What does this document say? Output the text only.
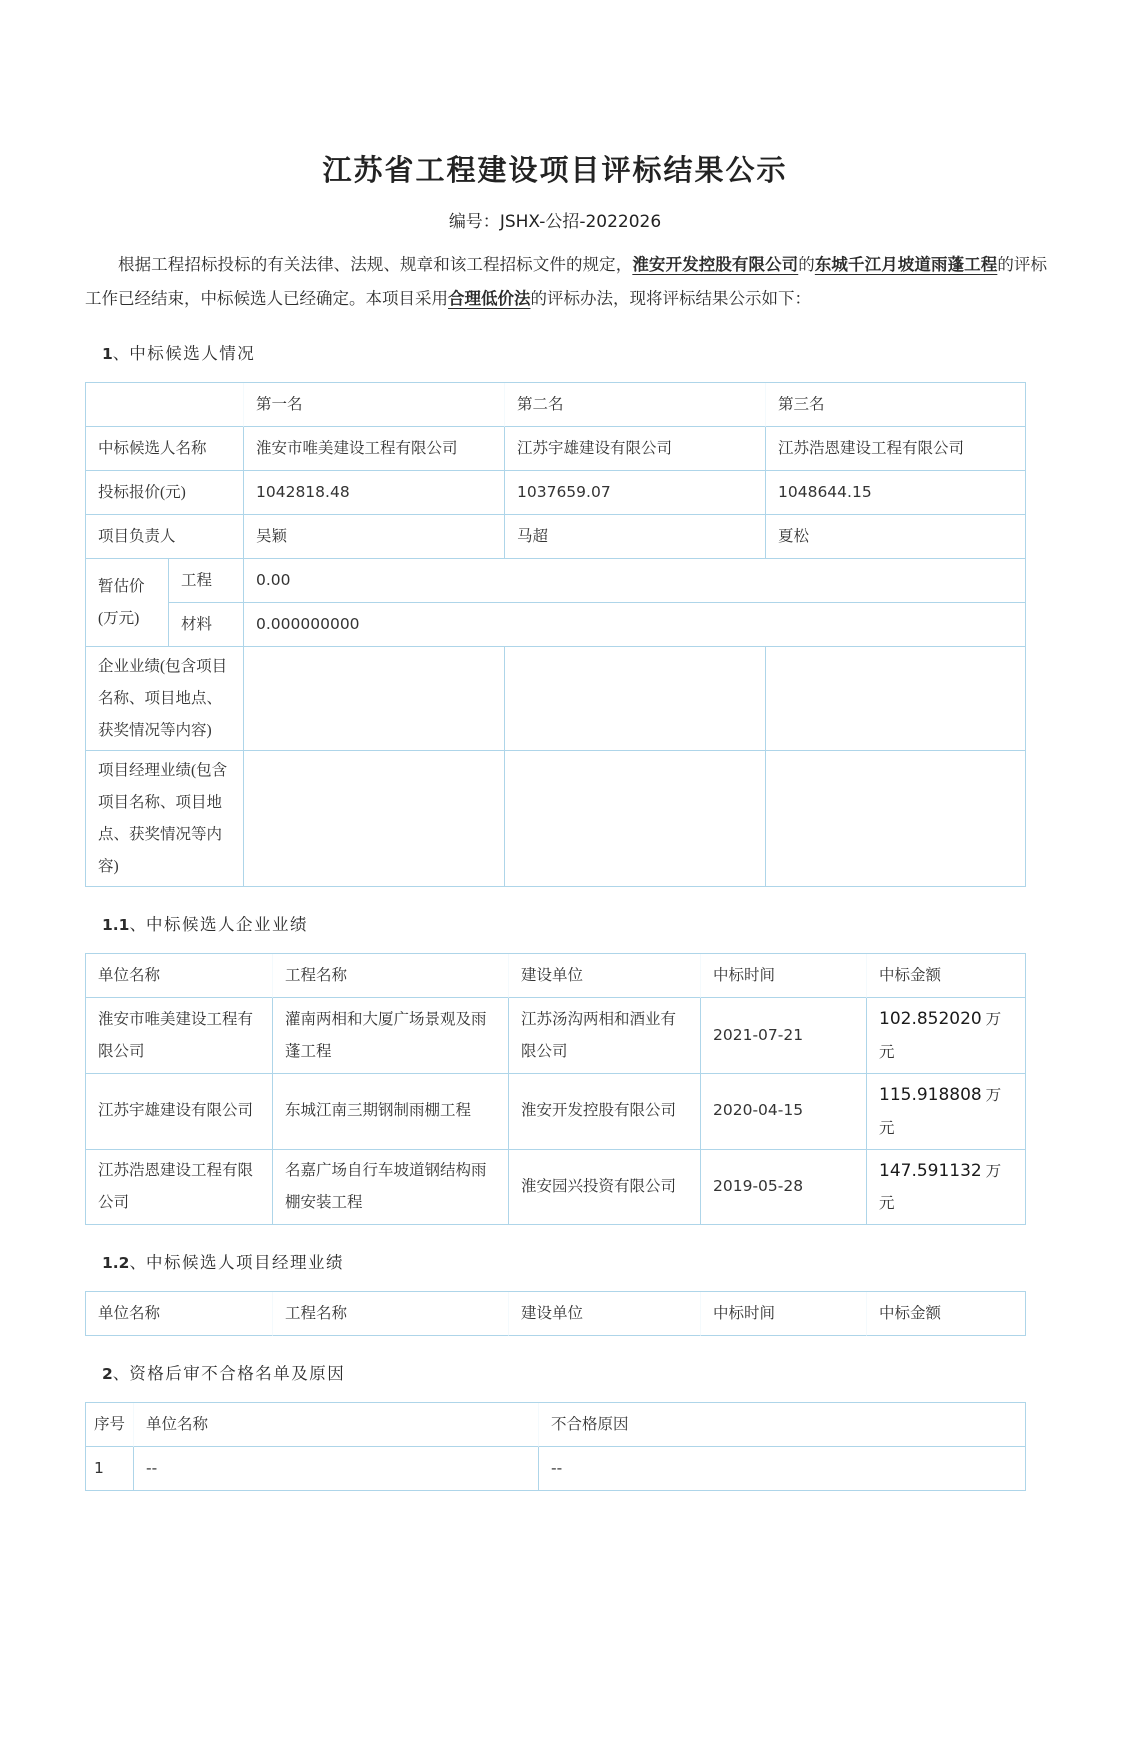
江苏省工程建设项目评标结果公示
编号：JSHX-公招-2022026

根据工程招标投标的有关法律、法规、规章和该工程招标文件的规定，淮安开发控股有限公司的东城千江月坡道雨蓬工程的评标工作已经结束，中标候选人已经确定。本项目采用合理低价法的评标办法，现将评标结果公示如下：

1、中标候选人情况
		第一名	第二名	第三名
中标候选人名称		淮安市唯美建设工程有限公司	江苏宇雄建设有限公司	江苏浩恩建设工程有限公司
投标报价(元)		1042818.48	1037659.07	1048644.15
项目负责人		吴颖	马超	夏松
暂估价 (万元)	工程	0.00		
	材料	0.000000000		
企业业绩(包含项目名称、项目地点、获奖情况等内容)				
项目经理业绩(包含项目名称、项目地点、获奖情况等内容)				
1.1、中标候选人企业业绩
单位名称	工程名称	建设单位	中标时间	中标金额
淮安市唯美建设工程有限公司	灌南两相和大厦广场景观及雨蓬工程	江苏汤沟两相和酒业有限公司	2021-07-21	102.852020 万元
江苏宇雄建设有限公司	东城江南三期钢制雨棚工程	淮安开发控股有限公司	2020-04-15	115.918808 万元
江苏浩恩建设工程有限公司	名嘉广场自行车坡道钢结构雨棚安装工程	淮安园兴投资有限公司	2019-05-28	147.591132 万元
1.2、中标候选人项目经理业绩
单位名称	工程名称	建设单位	中标时间	中标金额
2、资格后审不合格名单及原因
序号	单位名称	不合格原因
1	--	--
